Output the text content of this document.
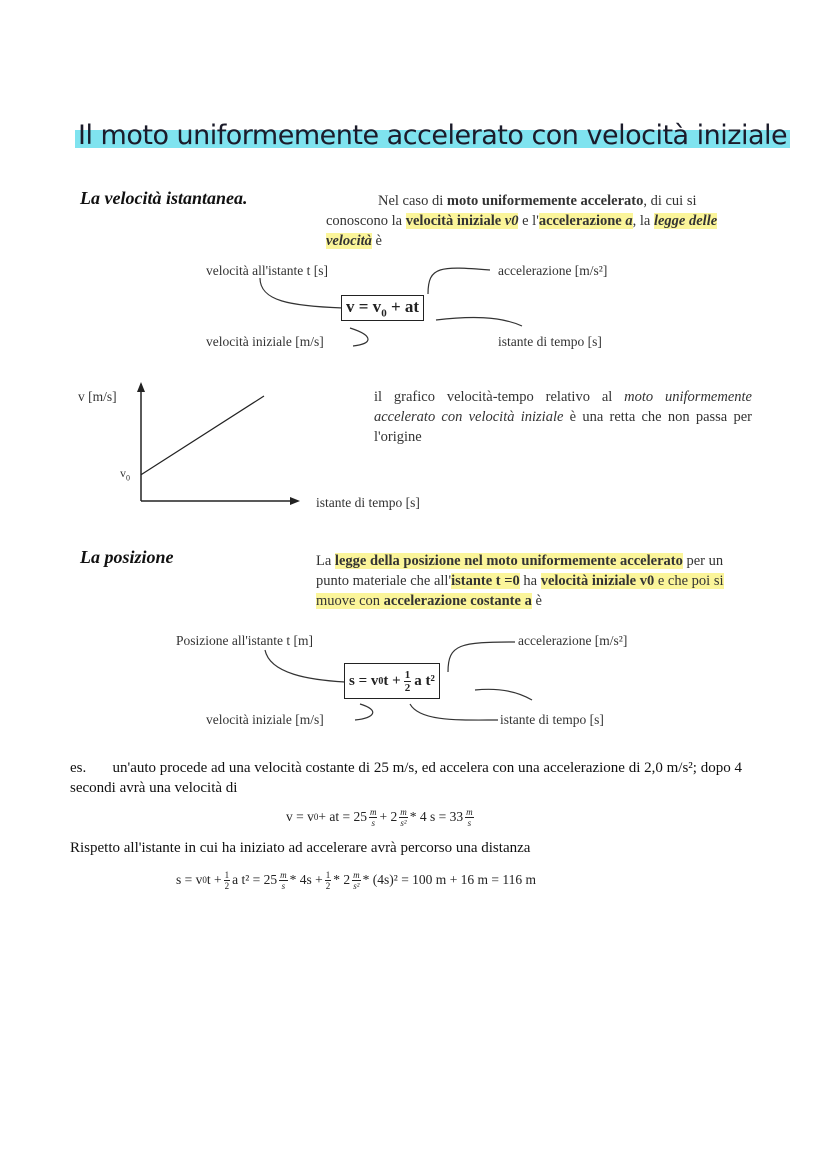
Il moto uniformemente accelerato con velocità iniziale
La velocità istantanea.	Nel caso di moto uniformemente accelerato, di cui si conoscono la velocità iniziale v0 e l'accelerazione a, la legge delle velocità è
velocità all'istante t [s]	accelerazione [m/s²]
$v = v_0$ + at
velocità iniziale [m/s]	istante di tempo [s]
v [m/s]
$v_0$
istante di tempo [s]
il grafico velocità-tempo relativo al moto uniformemente accelerato con velocità iniziale è una retta che non passa per l'origine
La posizione	La legge della posizione nel moto uniformemente accelerato per un punto materiale che all'istante t =0 ha velocità iniziale v0 e che poi si muove con accelerazione costante a è
Posizione all'istante t [m]	accelerazione [m/s²]
s = v 0 $t + \frac{1}{2}$ a t²
velocità iniziale [m/s]	istante di tempo [s]
es. un'auto procede ad una velocità costante di 25 m/s, ed accelera con una accelerazione di 2,0 m/s²; dopo 4 secondi avrà una velocità di
v = v 0 + at = $25 \frac{m}{s} + 2 \frac{m}{\text{s²}} * 4$ $s = 33 \frac{m}{s}$
Rispetto all'istante in cui ha iniziato ad accelerare avrà percorso una distanza
s = v 0 $t + \frac{1}{2}$ a $t^2 = 25 \frac{m}{s} * 4s + \frac{1}{2} * 2 \frac{m}{\text{s²}} * (4s)^2 = 100$ m + 16 m = 116 m
